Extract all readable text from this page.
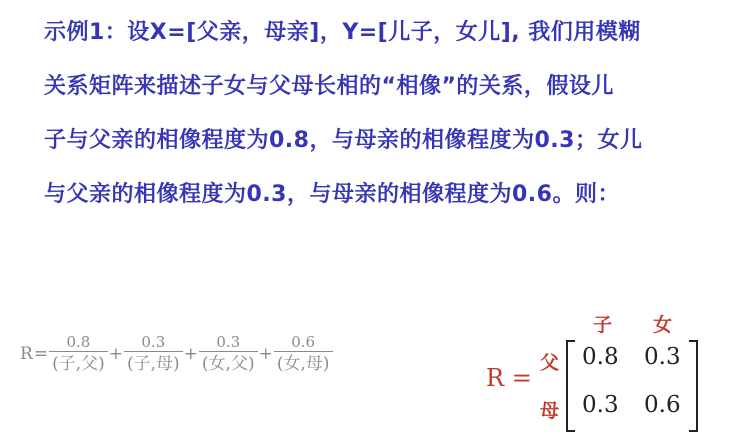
示例1：设X=[父亲，母亲]，Y=[儿子，女儿], 我们用模糊
关系矩阵来描述子女与父母长相的“相像”的关系，假设儿
子与父亲的相像程度为0.8，与母亲的相像程度为0.3；女儿
与父亲的相像程度为0.3，与母亲的相像程度为0.6。则：
$R = \frac{0.8}{\text{(子,父)}} + \frac{0.3}{\text{(子,母)}} + \frac{0.3}{\text{(女,父)}} + \frac{0.6}{\text{(女,母)}}$
R =
子 女
父
母
0.8 0.3
0.3 0.6
